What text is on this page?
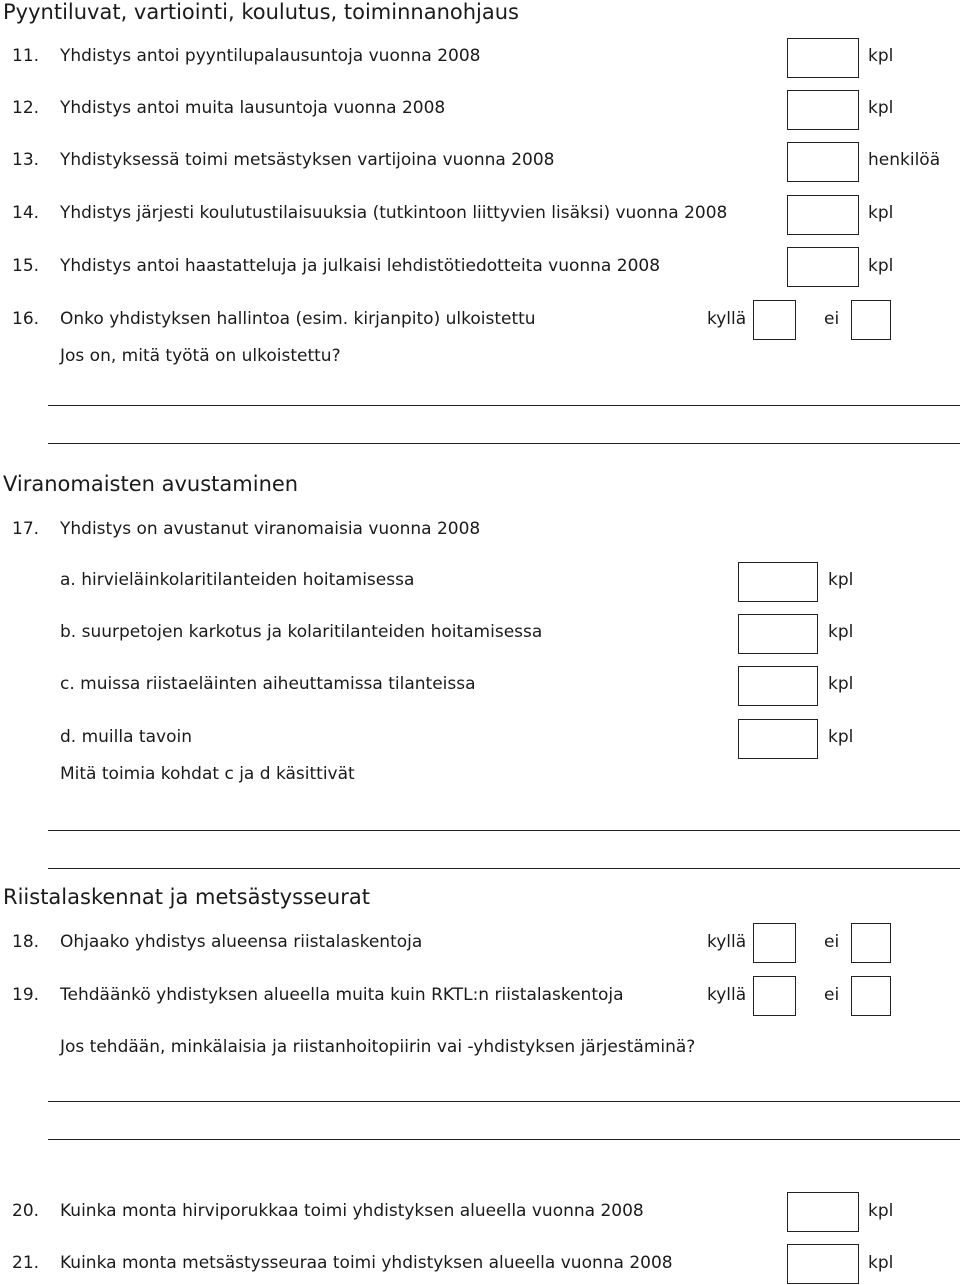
Pyyntiluvat, vartiointi, koulutus, toiminnanohjaus
11. Yhdistys antoi pyyntilupalausuntoja vuonna 2008	kpl
12. Yhdistys antoi muita lausuntoja vuonna 2008	kpl
13. Yhdistyksessä toimi metsästyksen vartijoina vuonna 2008	henkilöä
14. Yhdistys järjesti koulutustilaisuuksia (tutkintoon liittyvien lisäksi) vuonna 2008	kpl
15. Yhdistys antoi haastatteluja ja julkaisi lehdistötiedotteita vuonna 2008	kpl
16. Onko yhdistyksen hallintoa (esim. kirjanpito) ulkoistettu	kyllä	ei
Jos on, mitä työtä on ulkoistettu?
Viranomaisten avustaminen
17. Yhdistys on avustanut viranomaisia vuonna 2008
a. hirvieläinkolaritilanteiden hoitamisessa	kpl
b. suurpetojen karkotus ja kolaritilanteiden hoitamisessa	kpl
c. muissa riistaeläinten aiheuttamissa tilanteissa	kpl
d. muilla tavoin	kpl
Mitä toimia kohdat c ja d käsittivät
Riistalaskennat ja metsästysseurat
18. Ohjaako yhdistys alueensa riistalaskentoja	kyllä	ei
19. Tehdäänkö yhdistyksen alueella muita kuin RKTL:n riistalaskentoja	kyllä	ei
Jos tehdään, minkälaisia ja riistanhoitopiirin vai -yhdistyksen järjestäminä?
20. Kuinka monta hirviporukkaa toimi yhdistyksen alueella vuonna 2008	kpl
21. Kuinka monta metsästysseuraa toimi yhdistyksen alueella vuonna 2008	kpl
